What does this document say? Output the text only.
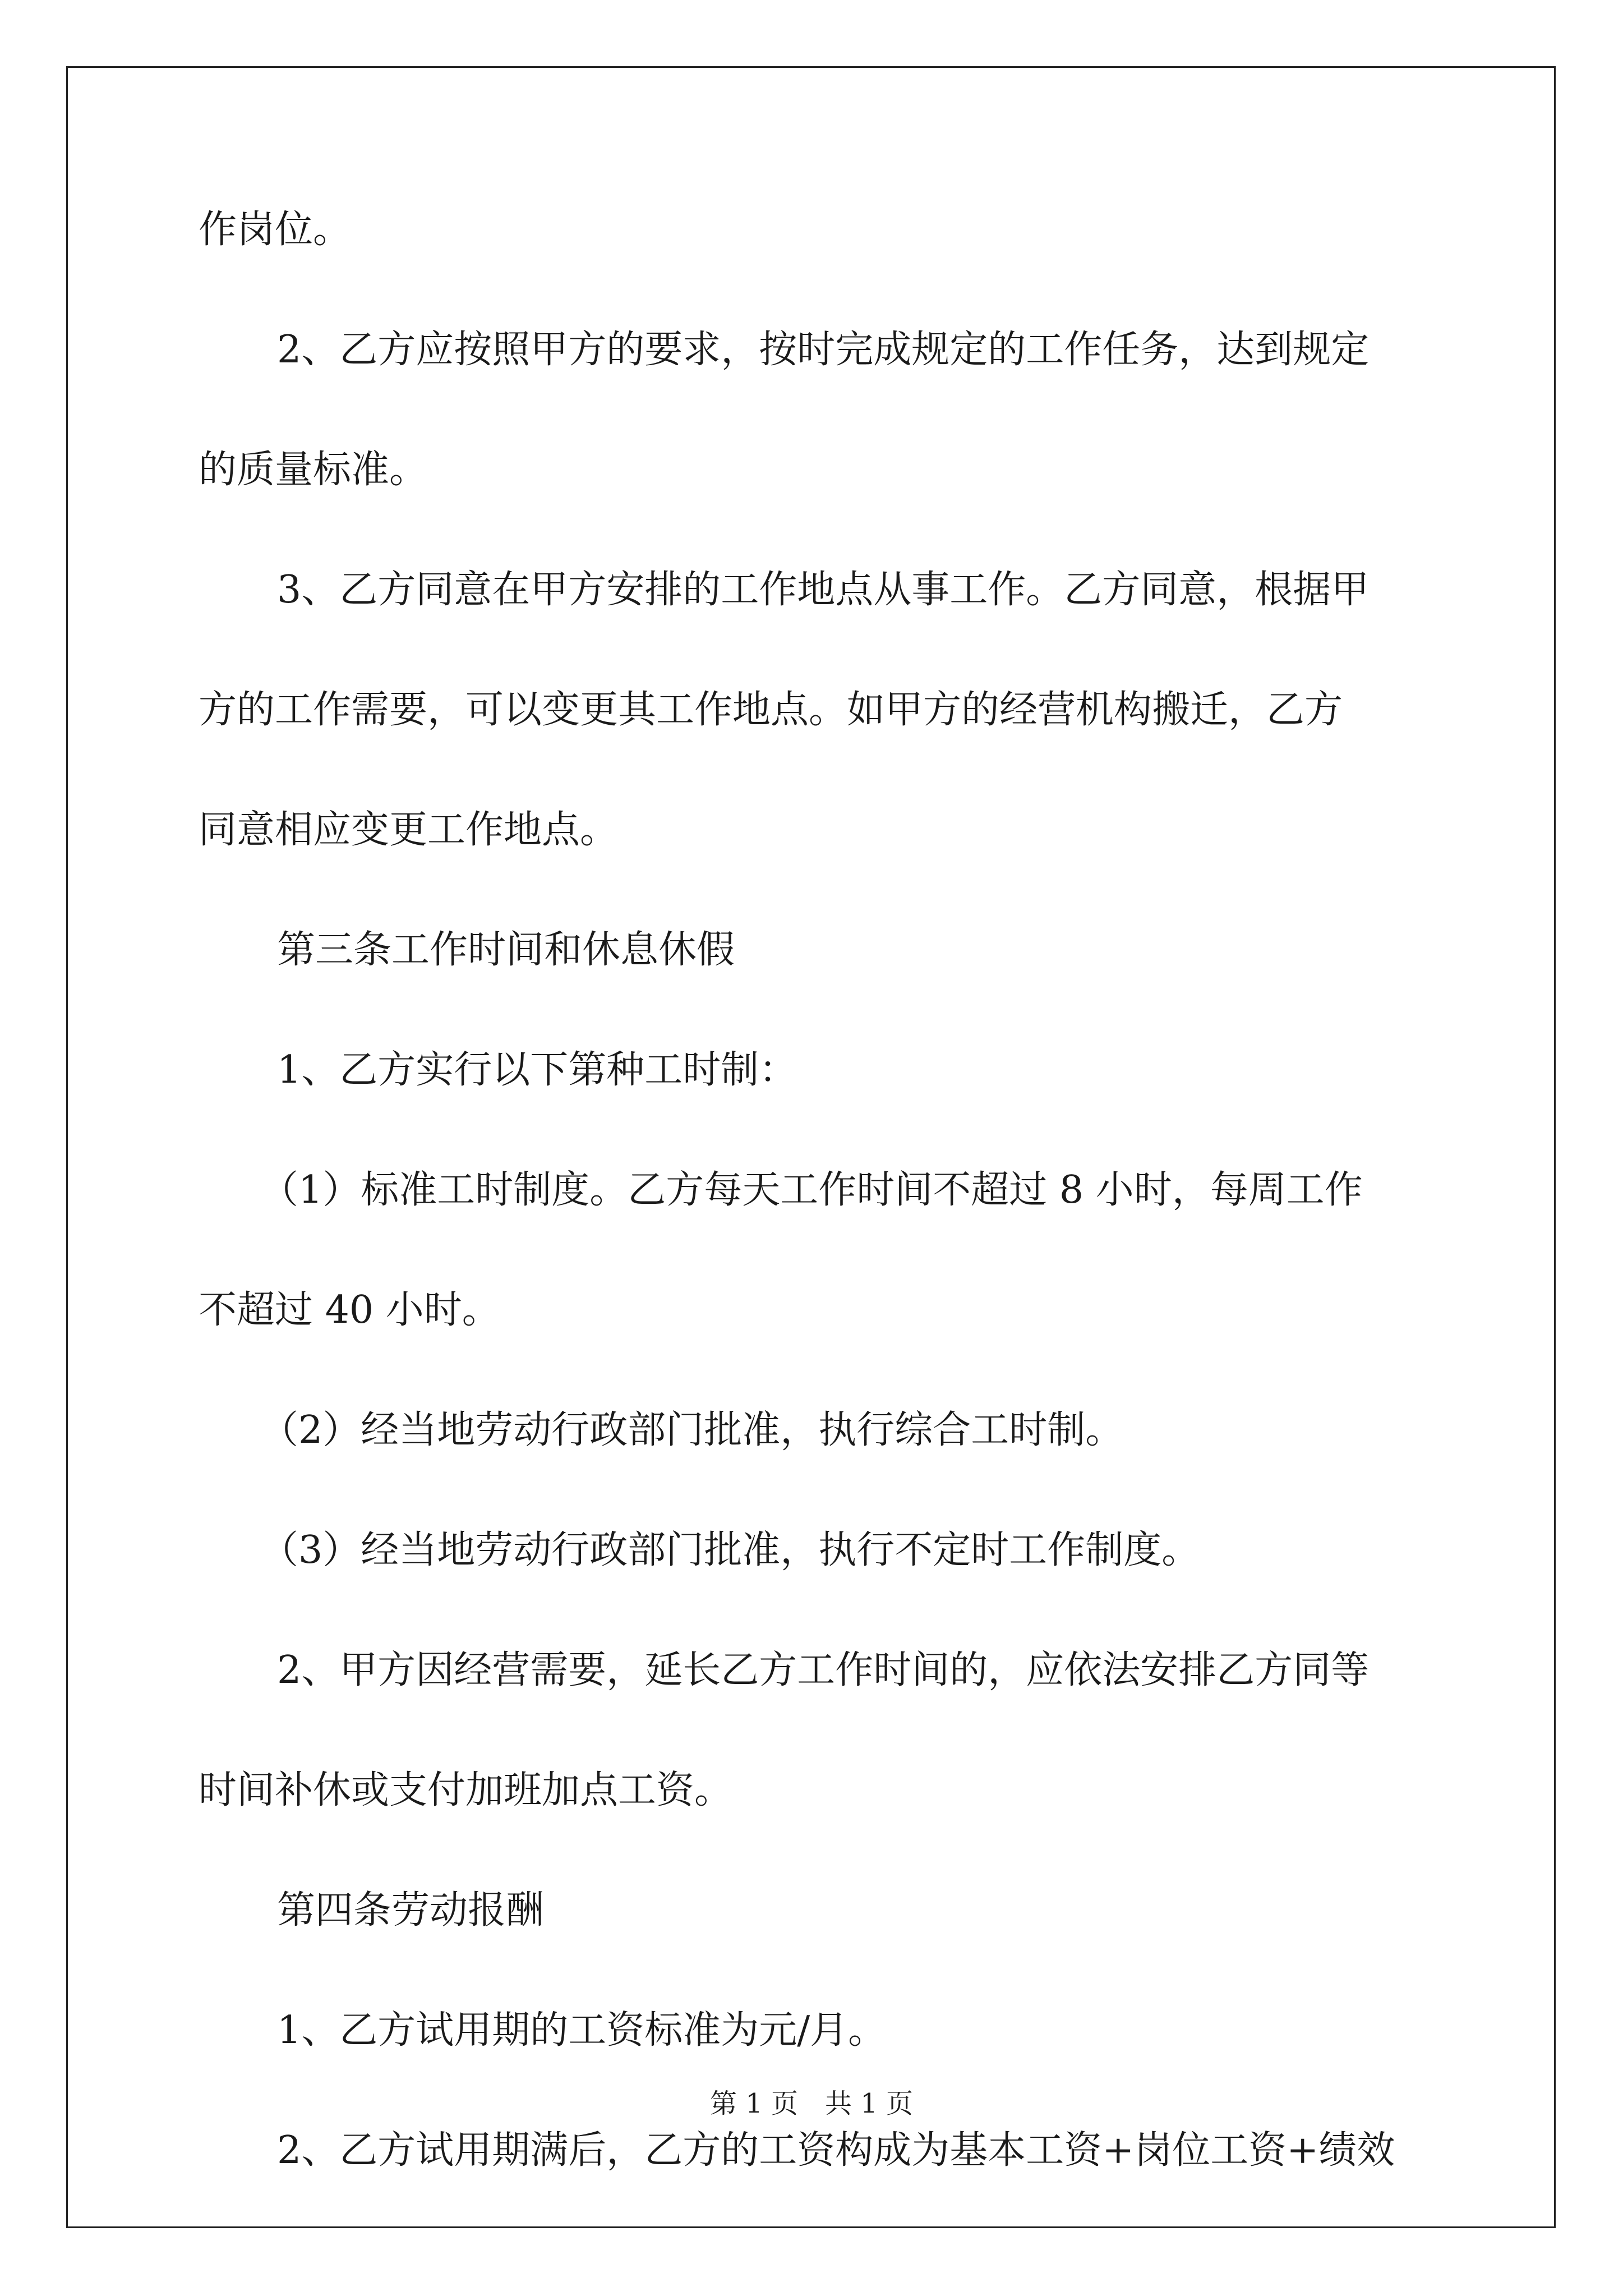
作岗位。
2、乙方应按照甲方的要求，按时完成规定的工作任务，达到规定
的质量标准。
3、乙方同意在甲方安排的工作地点从事工作。乙方同意，根据甲
方的工作需要，可以变更其工作地点。如甲方的经营机构搬迁，乙方
同意相应变更工作地点。
第三条工作时间和休息休假
1、乙方实行以下第种工时制：
（1）标准工时制度。乙方每天工作时间不超过 8 小时，每周工作
不超过 40 小时。
（2）经当地劳动行政部门批准，执行综合工时制。
（3）经当地劳动行政部门批准，执行不定时工作制度。
2、甲方因经营需要，延长乙方工作时间的，应依法安排乙方同等
时间补休或支付加班加点工资。
第四条劳动报酬
1、乙方试用期的工资标准为元/月。
2、乙方试用期满后，乙方的工资构成为基本工资+岗位工资+绩效
第 1 页　共 1 页
